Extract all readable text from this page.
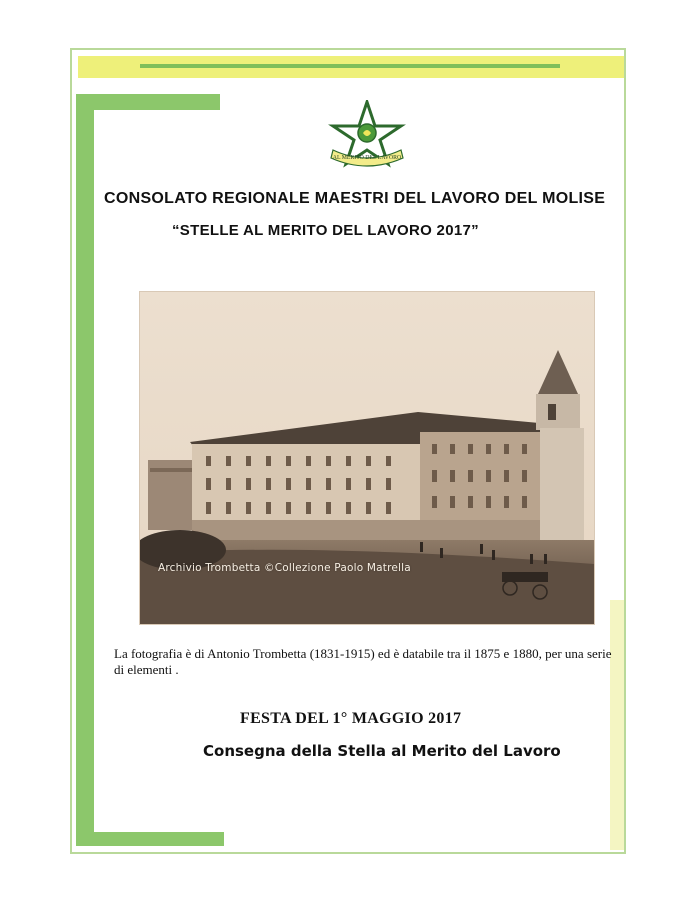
AL MERITO DEL LAVORO
CONSOLATO REGIONALE MAESTRI DEL LAVORO DEL MOLISE
“STELLE AL MERITO DEL LAVORO 2017”
Archivio Trombetta ©Collezione Paolo Matrella
La fotografia è di Antonio Trombetta (1831-1915) ed è databile tra il 1875 e 1880, per una serie di elementi .
FESTA DEL 1° MAGGIO 2017
Consegna della Stella al Merito del Lavoro
